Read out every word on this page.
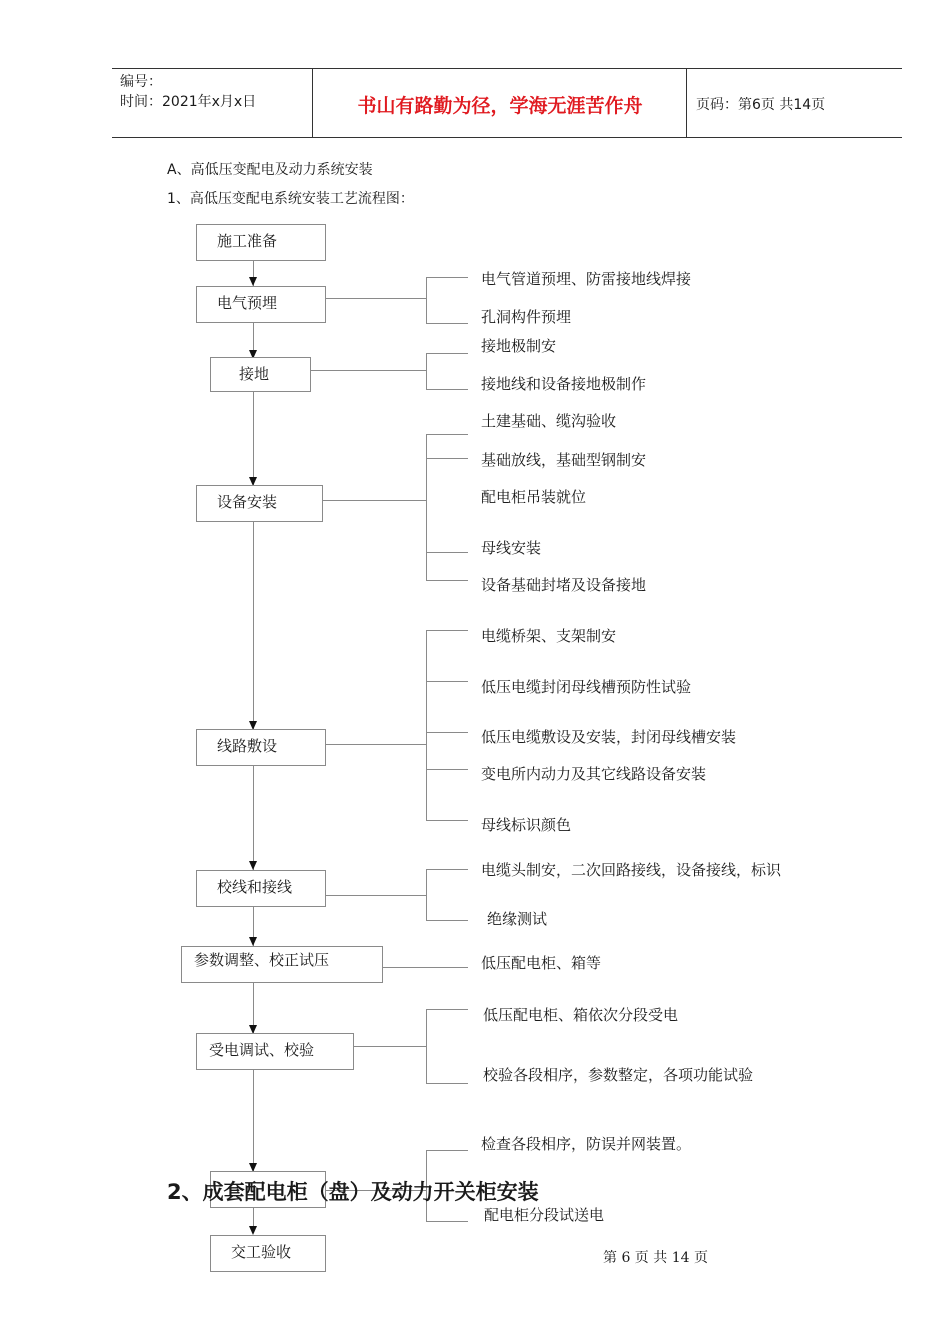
编号：
时间：2021年x月x日	书山有路勤为径，学海无涯苦作舟	页码：第6页 共14页
A、高低压变配电及动力系统安装
1、高低压变配电系统安装工艺流程图：
施工准备
电气预埋
接地
设备安装
线路敷设
校线和接线
参数调整、校正试压
受电调试、校验
交工验收
电气管道预埋、防雷接地线焊接
孔洞构件预埋
接地极制安
接地线和设备接地极制作
土建基础、缆沟验收
基础放线，基础型钢制安
配电柜吊装就位
母线安装
设备基础封堵及设备接地
电缆桥架、支架制安
低压电缆封闭母线槽预防性试验
低压电缆敷设及安装，封闭母线槽安装
变电所内动力及其它线路设备安装
母线标识颜色
电缆头制安，二次回路接线，设备接线，标识
绝缘测试
低压配电柜、箱等
低压配电柜、箱依次分段受电
校验各段相序，参数整定，各项功能试验
检查各段相序，防误并网装置。
配电柜分段试送电
2、成套配电柜（盘）及动力开关柜安装
第 6 页 共 14 页
